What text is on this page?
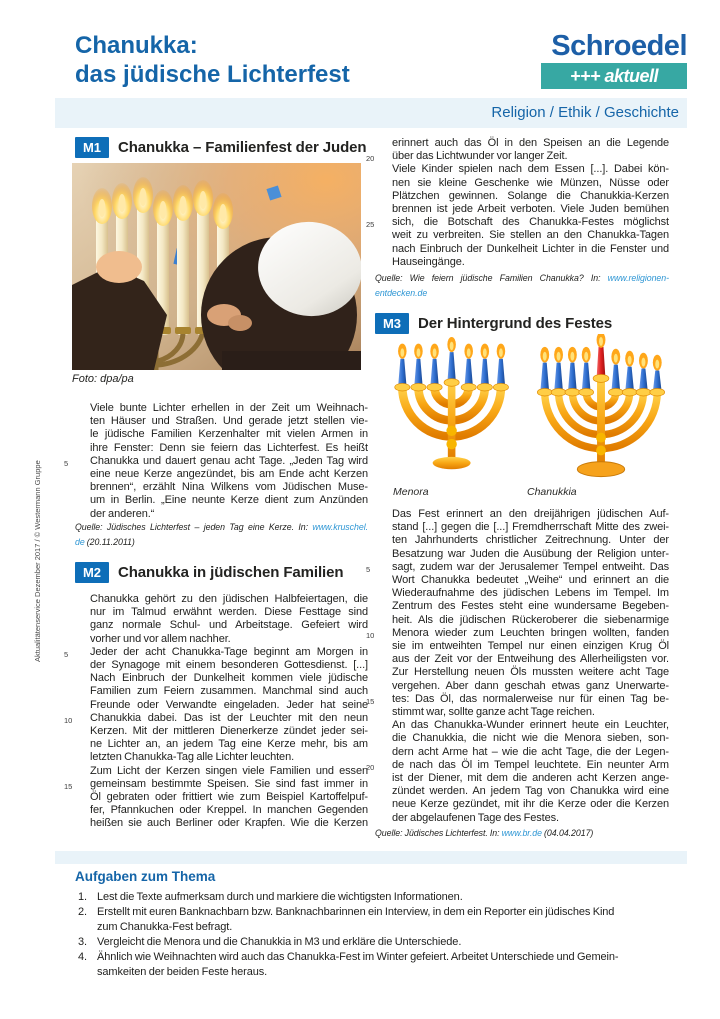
Chanukka:
das jüdische Lichterfest
Schroedel
+++ aktuell
Religion / Ethik / Geschichte
M1	Chanukka – Familienfest der Juden
Foto: dpa/pa
Viele bunte Lichter erhellen in der Zeit um Weihnach-
ten Häuser und Straßen. Und gerade jetzt stellen vie-
le jüdische Familien Kerzenhalter mit vielen Armen in
ihre Fenster: Denn sie feiern das Lichterfest. Es heißt
5	Chanukka und dauert genau acht Tage. „Jeden Tag wird
eine neue Kerze angezündet, bis am Ende acht Kerzen
brennen“, erzählt Nina Wilkens vom Jüdischen Muse-
um in Berlin. „Eine neunte Kerze dient zum Anzünden
der anderen.“
Quelle: Jüdisches Lichterfest – jeden Tag eine Kerze. In: www.kruschel.
de (20.11.2011)
M2	Chanukka in jüdischen Familien
Chanukka gehört zu den jüdischen Halbfeiertagen, die
nur im Talmud erwähnt werden. Diese Festtage sind
ganz normale Schul- und Arbeitstage. Gefeiert wird
vorher und vor allem nachher.
5	Jeder der acht Chanukka-Tage beginnt am Morgen in
der Synagoge mit einem besonderen Gottesdienst. [...]
Nach Einbruch der Dunkelheit kommen viele jüdische
Familien zum Feiern zusammen. Manchmal sind auch
Freunde oder Verwandte eingeladen. Jeder hat seine
10	Chanukkia dabei. Das ist der Leuchter mit den neun
Kerzen. Mit der mittleren Dienerkerze zündet jeder sei-
ne Lichter an, an jedem Tag eine Kerze mehr, bis am
letzten Chanukka-Tag alle Lichter leuchten.
Zum Licht der Kerzen singen viele Familien und essen
15	gemeinsam bestimmte Speisen. Sie sind fast immer in
Öl gebraten oder frittiert wie zum Beispiel Kartoffelpuf-
fer, Pfannkuchen oder Kreppel. In manchen Gegenden
heißen sie auch Berliner oder Krapfen. Wie die Kerzen
erinnert auch das Öl in den Speisen an die Legende
20	über das Lichtwunder vor langer Zeit.
Viele Kinder spielen nach dem Essen [...]. Dabei kön-
nen sie kleine Geschenke wie Münzen, Nüsse oder
Plätzchen gewinnen. Solange die Chanukkia-Kerzen
brennen ist jede Arbeit verboten. Viele Juden bemühen
25	sich, die Botschaft des Chanukka-Festes möglichst
weit zu verbreiten. Sie stellen an den Chanukka-Tagen
nach Einbruch der Dunkelheit Lichter in die Fenster und
Hauseingänge.
Quelle: Wie feiern jüdische Familien Chanukka? In: www.religionen-
entdecken.de
M3	Der Hintergrund des Festes
Menora	Chanukkia
Das Fest erinnert an den dreijährigen jüdischen Auf-
stand [...] gegen die [...] Fremdherrschaft Mitte des zwei-
ten Jahrhunderts christlicher Zeitrechnung. Unter der
Besatzung war Juden die Ausübung der Religion unter-
5	sagt, zudem war der Jerusalemer Tempel entweiht. Das
Wort Chanukka bedeutet „Weihe“ und erinnert an die
Wiederaufnahme des jüdischen Lebens im Tempel. Im
Zentrum des Festes steht eine wundersame Begeben-
heit. Als die jüdischen Rückeroberer die siebenarmige
10	Menora wieder zum Leuchten bringen wollten, fanden
sie im entweihten Tempel nur einen einzigen Krug Öl
aus der Zeit vor der Entweihung des Allerheiligsten vor.
Zur Herstellung neuen Öls mussten weitere acht Tage
vergehen. Aber dann geschah etwas ganz Unerwarte-
15	tes: Das Öl, das normalerweise nur für einen Tag be-
stimmt war, sollte ganze acht Tage reichen.
An das Chanukka-Wunder erinnert heute ein Leuchter,
die Chanukkia, die nicht wie die Menora sieben, son-
dern acht Arme hat – wie die acht Tage, die der Legen-
20	de nach das Öl im Tempel leuchtete. Ein neunter Arm
ist der Diener, mit dem die anderen acht Kerzen ange-
zündet werden. An jedem Tag von Chanukka wird eine
neue Kerze gezündet, mit ihr die Kerze oder die Kerzen
der abgelaufenen Tage des Festes.
Quelle: Jüdisches Lichterfest. In: www.br.de (04.04.2017)
Aufgaben zum Thema
1. Lest die Texte aufmerksam durch und markiere die wichtigsten Informationen.
2. Erstellt mit euren Banknachbarn bzw. Banknachbarinnen ein Interview, in dem ein Reporter ein jüdisches Kind
zum Chanukka-Fest befragt.
3. Vergleicht die Menora und die Chanukkia in M3 und erkläre die Unterschiede.
4. Ähnlich wie Weihnachten wird auch das Chanukka-Fest im Winter gefeiert. Arbeitet Unterschiede und Gemein-
samkeiten der beiden Feste heraus.
Aktualitätenservice Dezember 2017 / © Westermann Gruppe
